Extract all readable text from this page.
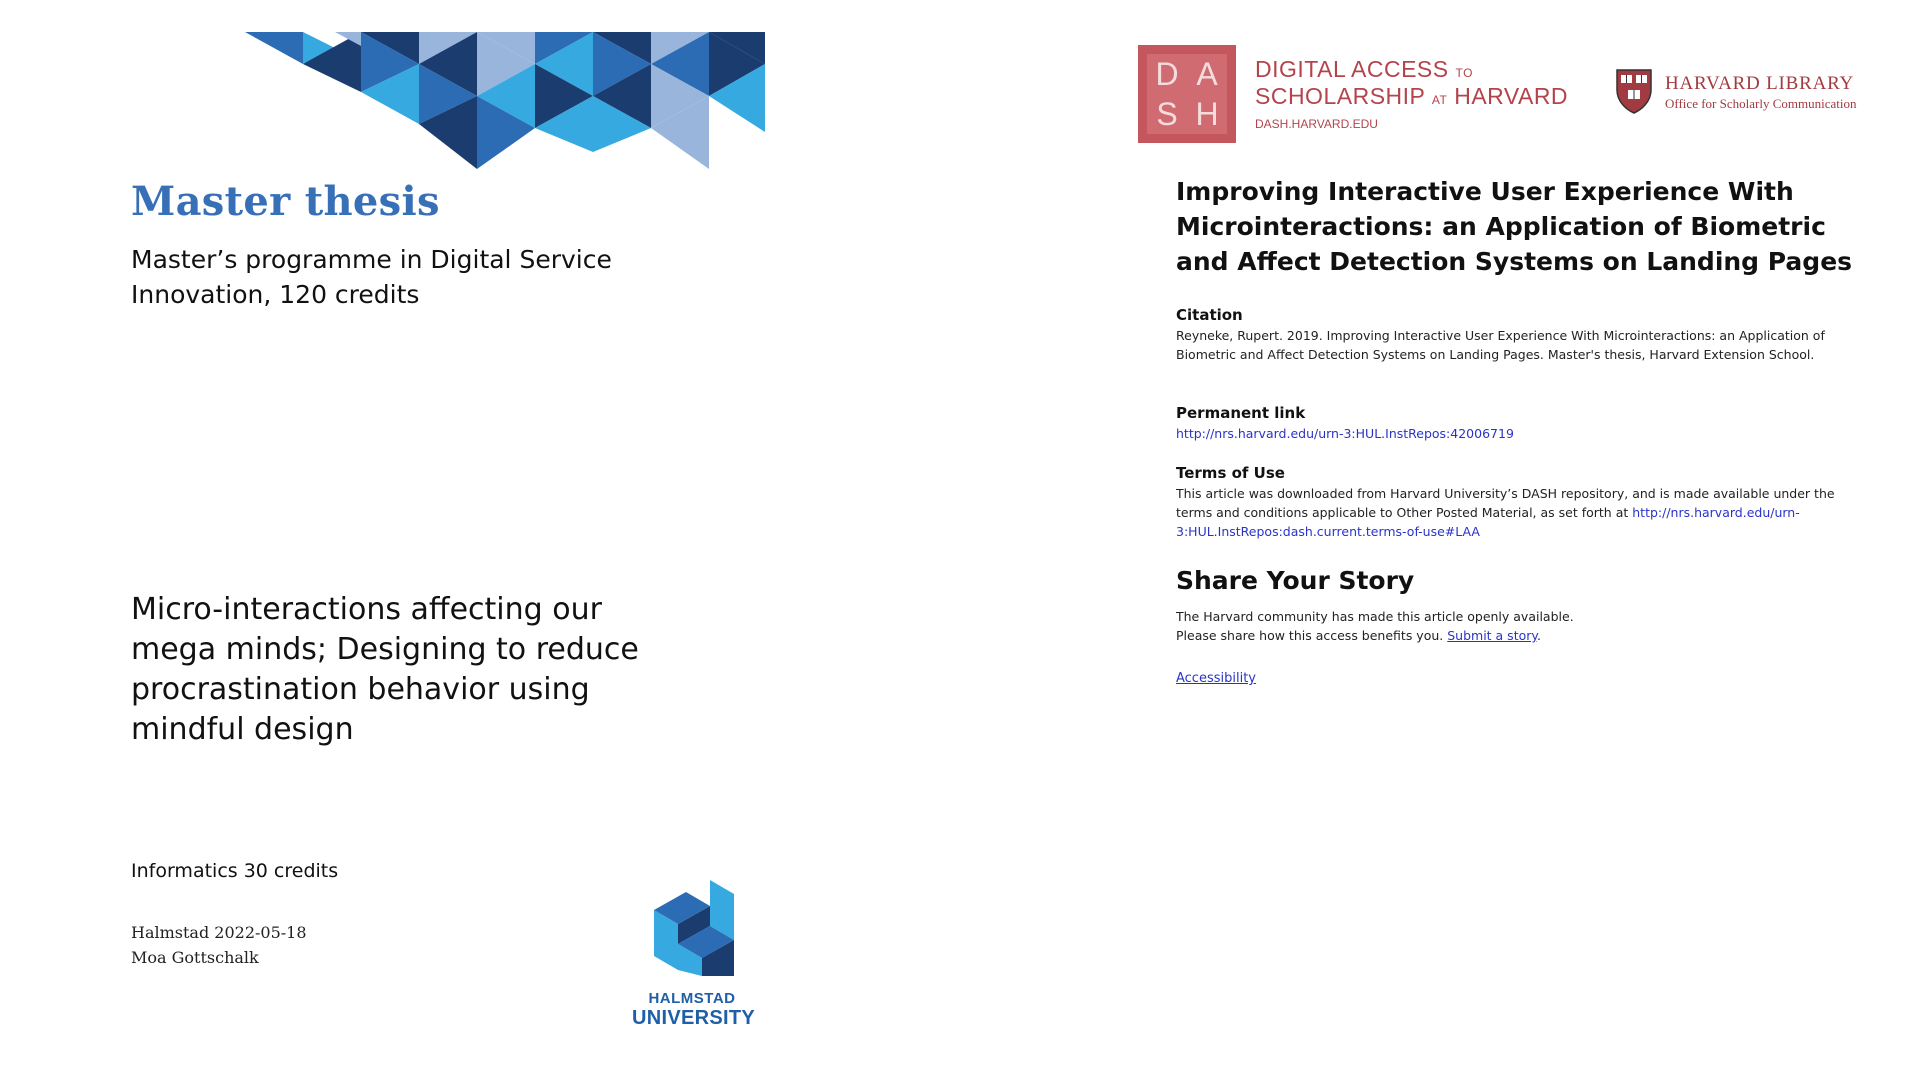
Master thesis

Master’s programme in Digital Service Innovation, 120 credits

Micro-interactions affecting our mega minds; Designing to reduce procrastination behavior using mindful design

Informatics 30 credits

Halmstad 2022-05-18

Moa Gottschalk

HALMSTAD
UNIVERSITY
D A
S H

DIGITAL ACCESS TO

SCHOLARSHIP AT HARVARD

DASH.HARVARD.EDU

HARVARD LIBRARY

Office for Scholarly Communication

Improving Interactive User Experience With Microinteractions: an Application of Biometric and Affect Detection Systems on Landing Pages

Citation

Reyneke, Rupert. 2019. Improving Interactive User Experience With Microinteractions: an Application of Biometric and Affect Detection Systems on Landing Pages. Master's thesis, Harvard Extension School.

Permanent link

http://nrs.harvard.edu/urn-3:HUL.InstRepos:42006719

Terms of Use

This article was downloaded from Harvard University’s DASH repository, and is made available under the terms and conditions applicable to Other Posted Material, as set forth at http://nrs.harvard.edu/urn-3:HUL.InstRepos:dash.current.terms-of-use#LAA

Share Your Story

The Harvard community has made this article openly available.
Please share how this access benefits you. Submit a story.

Accessibility
